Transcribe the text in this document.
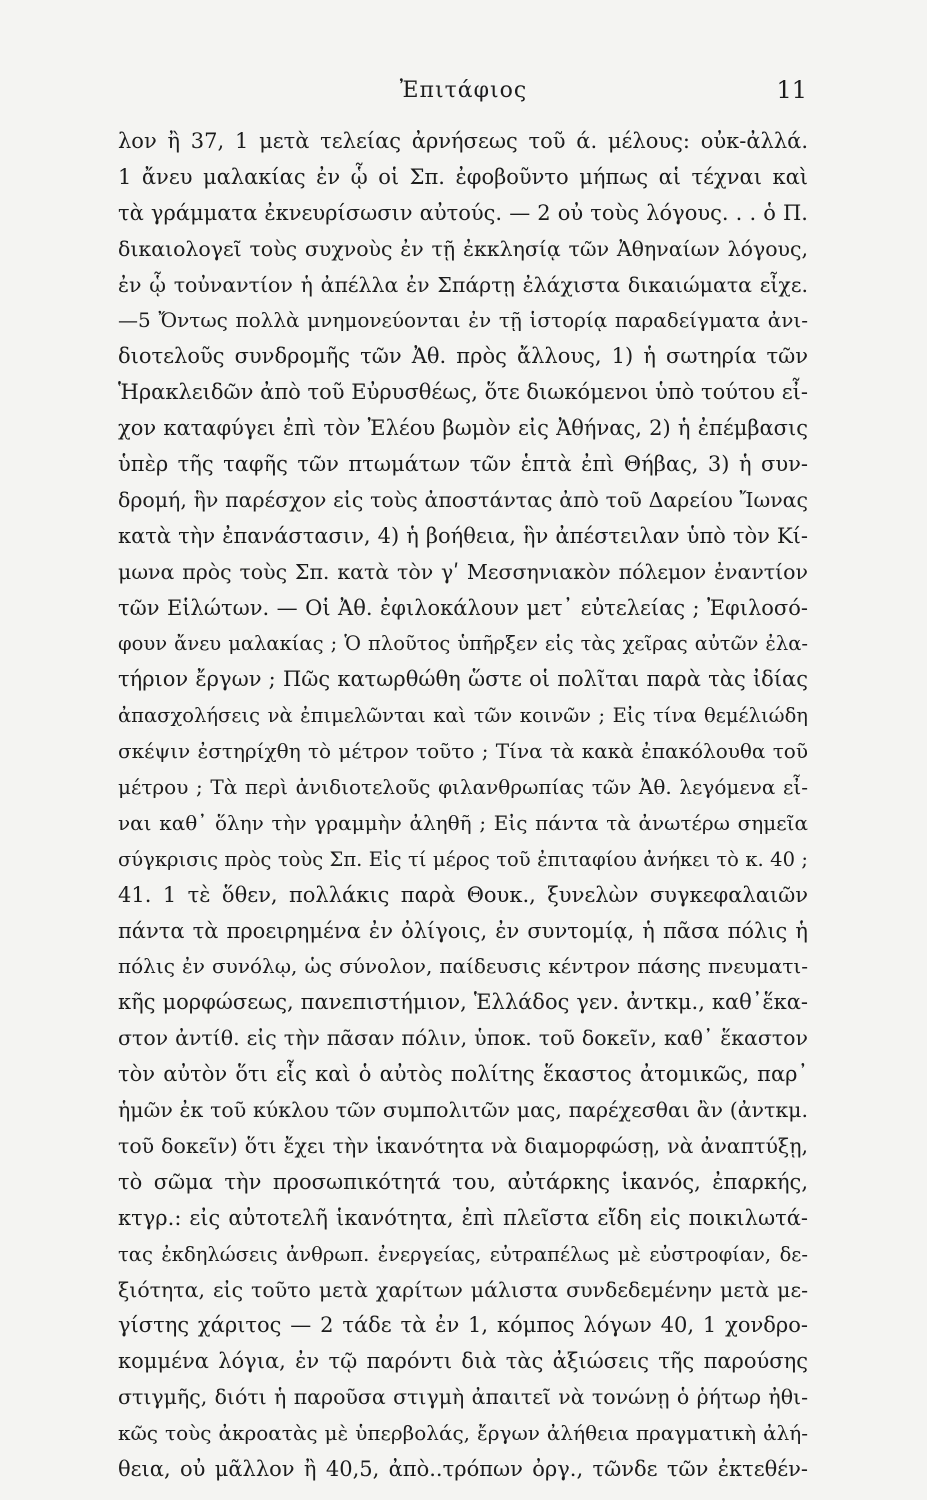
Ἐπιτάφιος	11
λον ἢ 37, 1 μετὰ τελείας ἀρνήσεως τοῦ ά. μέλους: οὐκ-ἀλλά.
1 ἄνευ μαλακίας ἐν ᾧ οἱ Σπ. ἐφοβοῦντο μήπως αἱ τέχναι καὶ
τὰ γράμματα ἐκνευρίσωσιν αὐτούς. — 2 οὐ τοὺς λόγους. . . ὁ Π.
δικαιολογεῖ τοὺς συχνοὺς ἐν τῇ ἐκκλησίᾳ τῶν Ἀθηναίων λόγους,
ἐν ᾧ τοὐναντίον ἡ ἀπέλλα ἐν Σπάρτῃ ἐλάχιστα δικαιώματα εἶχε.
—5 Ὄντως πολλὰ μνημονεύονται ἐν τῇ ἱστορίᾳ παραδείγματα ἀνι-
διοτελοῦς συνδρομῆς τῶν Ἀθ. πρὸς ἄλλους, 1) ἡ σωτηρία τῶν
Ἡρακλειδῶν ἀπὸ τοῦ Εὐρυσθέως, ὅτε διωκόμενοι ὑπὸ τούτου εἶ-
χον καταφύγει ἐπὶ τὸν Ἐλέου βωμὸν εἰς Ἀθήνας, 2) ἡ ἐπέμβασις
ὑπὲρ τῆς ταφῆς τῶν πτωμάτων τῶν ἑπτὰ ἐπὶ Θήβας, 3) ἡ συν-
δρομή, ἣν παρέσχον εἰς τοὺς ἀποστάντας ἀπὸ τοῦ Δαρείου Ἴωνας
κατὰ τὴν ἐπανάστασιν, 4) ἡ βοήθεια, ἣν ἀπέστειλαν ὑπὸ τὸν Κί-
μωνα πρὸς τοὺς Σπ. κατὰ τὸν γʹ Μεσσηνιακὸν πόλεμον ἐναντίον
τῶν Εἱλώτων. — Οἱ Ἀθ. ἐφιλοκάλουν μετ᾽ εὐτελείας ; Ἐφιλοσό-
φουν ἄνευ μαλακίας ; Ὁ πλοῦτος ὑπῆρξεν εἰς τὰς χεῖρας αὐτῶν ἐλα-
τήριον ἔργων ; Πῶς κατωρθώθη ὥστε οἱ πολῖται παρὰ τὰς ἰδίας
ἀπασχολήσεις νὰ ἐπιμελῶνται καὶ τῶν κοινῶν ; Εἰς τίνα θεμέλιώδη
σκέψιν ἐστηρίχθη τὸ μέτρον τοῦτο ; Τίνα τὰ κακὰ ἐπακόλουθα τοῦ
μέτρου ; Τὰ περὶ ἀνιδιοτελοῦς φιλανθρωπίας τῶν Ἀθ. λεγόμενα εἶ-
ναι καθ᾽ ὅλην τὴν γραμμὴν ἀληθῆ ; Εἰς πάντα τὰ ἀνωτέρω σημεῖα
σύγκρισις πρὸς τοὺς Σπ. Εἰς τί μέρος τοῦ ἐπιταφίου ἀνήκει τὸ κ. 40 ;
41. 1 τὲ ὅθεν, πολλάκις παρὰ Θουκ., ξυνελὼν συγκεφαλαιῶν
πάντα τὰ προειρημένα ἐν ὀλίγοις, ἐν συντομίᾳ, ἡ πᾶσα πόλις ἡ
πόλις ἐν συνόλῳ, ὡς σύνολον, παίδευσις κέντρον πάσης πνευματι-
κῆς μορφώσεως, πανεπιστήμιον, Ἑλλάδος γεν. ἀντκμ., καθ᾽ἕκα-
στον ἀντίθ. εἰς τὴν πᾶσαν πόλιν, ὑποκ. τοῦ δοκεῖν, καθ᾽ ἕκαστον
τὸν αὐτὸν ὅτι εἷς καὶ ὁ αὐτὸς πολίτης ἕκαστος ἀτομικῶς, παρ᾽
ἡμῶν ἐκ τοῦ κύκλου τῶν συμπολιτῶν μας, παρέχεσθαι ἂν (ἀντκμ.
τοῦ δοκεῖν) ὅτι ἔχει τὴν ἱκανότητα νὰ διαμορφώσῃ, νὰ ἀναπτύξῃ,
τὸ σῶμα τὴν προσωπικότητά του, αὐτάρκης ἱκανός, ἐπαρκής,
κτγρ.: εἰς αὐτοτελῆ ἱκανότητα, ἐπὶ πλεῖστα εἴδη εἰς ποικιλωτά-
τας ἐκδηλώσεις ἀνθρωπ. ἐνεργείας, εὐτραπέλως μὲ εὐστροφίαν, δε-
ξιότητα, εἰς τοῦτο μετὰ χαρίτων μάλιστα συνδεδεμένην μετὰ με-
γίστης χάριτος — 2 τάδε τὰ ἐν 1, κόμπος λόγων 40, 1 χονδρο-
κομμένα λόγια, ἐν τῷ παρόντι διὰ τὰς ἀξιώσεις τῆς παρούσης
στιγμῆς, διότι ἡ παροῦσα στιγμὴ ἀπαιτεῖ νὰ τονώνῃ ὁ ῥήτωρ ἠθι-
κῶς τοὺς ἀκροατὰς μὲ ὑπερβολάς, ἔργων ἀλήθεια πραγματικὴ ἀλή-
θεια, οὐ μᾶλλον ἢ 40,5, ἀπὸ..τρόπων ὀργ., τῶνδε τῶν ἐκτεθέν-
